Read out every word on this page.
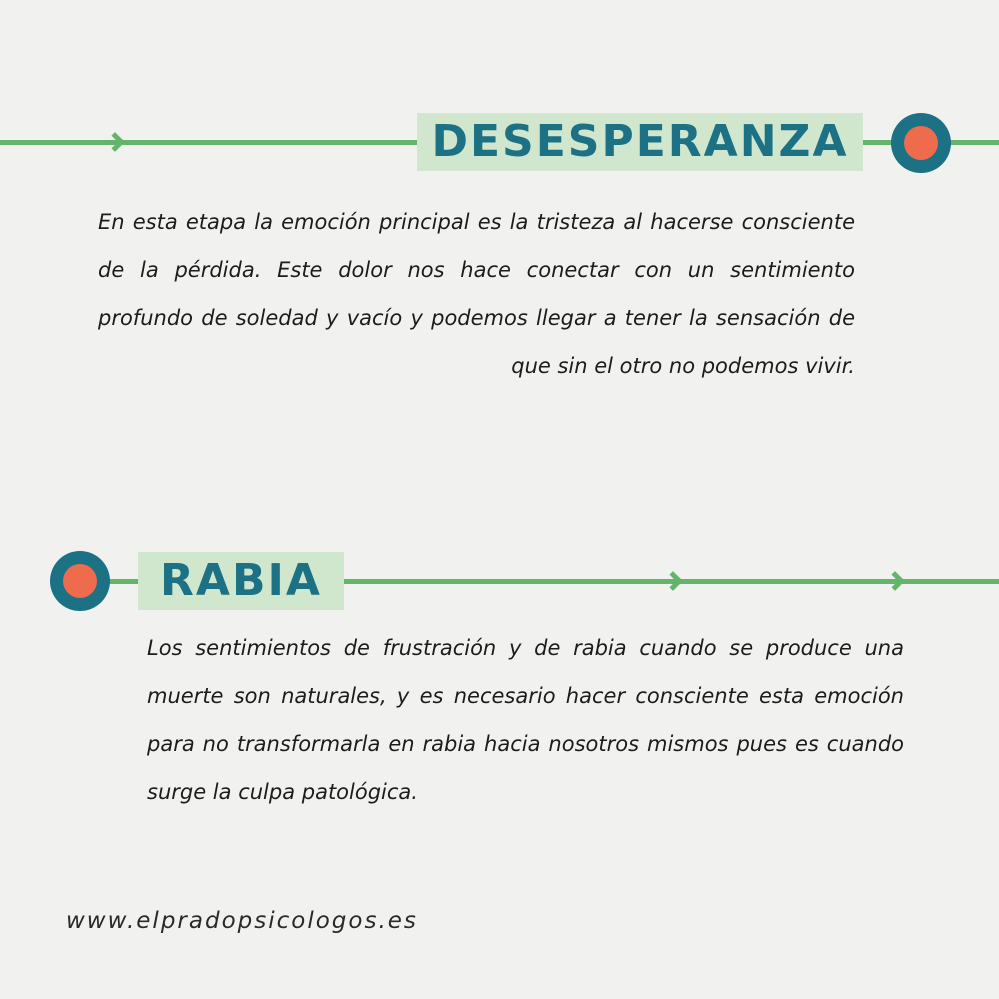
DESESPERANZA

En esta etapa la emoción principal es la tristeza al hacerse consciente de la pérdida. Este dolor nos hace conectar con un sentimiento profundo de soledad y vacío y podemos llegar a tener la sensación de que sin el otro no podemos vivir.

RABIA

Los sentimientos de frustración y de rabia cuando se produce una muerte son naturales, y es necesario hacer consciente esta emoción para no transformarla en rabia hacia nosotros mismos pues es cuando surge la culpa patológica.

www.elpradopsicologos.es
